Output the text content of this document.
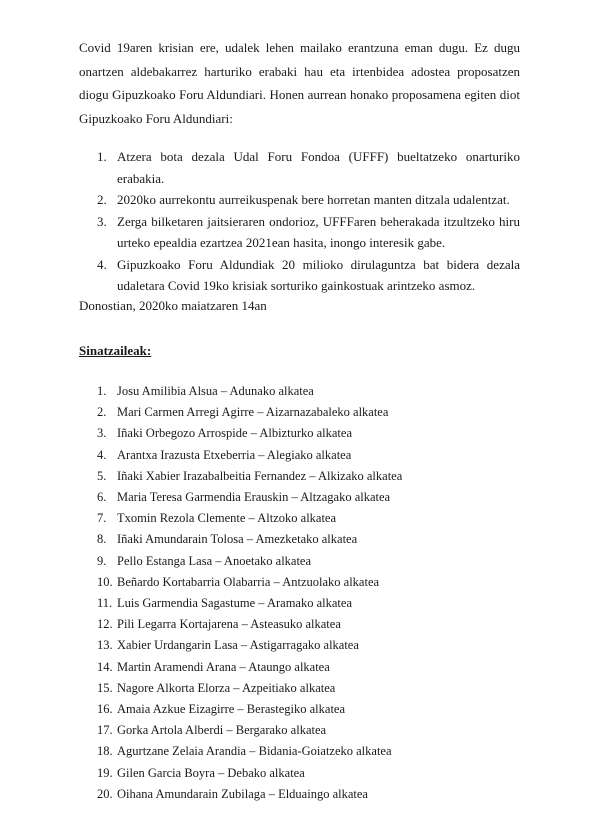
Covid 19aren krisian ere, udalek lehen mailako erantzuna eman dugu. Ez dugu onartzen aldebakarrez harturiko erabaki hau eta irtenbidea adostea proposatzen diogu Gipuzkoako Foru Aldundiari. Honen aurrean honako proposamena egiten diot Gipuzkoako Foru Aldundiari:

1. Atzera bota dezala Udal Foru Fondoa (UFFF) bueltatzeko onarturiko erabakia.
2. 2020ko aurrekontu aurreikuspenak bere horretan manten ditzala udalentzat.
3. Zerga bilketaren jaitsieraren ondorioz, UFFFaren beherakada itzultzeko hiru urteko epealdia ezartzea 2021ean hasita, inongo interesik gabe.
4. Gipuzkoako Foru Aldundiak 20 milioko dirulaguntza bat bidera dezala udaletara Covid 19ko krisiak sorturiko gainkostuak arintzeko asmoz.

Donostian, 2020ko maiatzaren 14an

Sinatzaileak:

1. Josu Amilibia Alsua – Adunako alkatea
2. Mari Carmen Arregi Agirre – Aizarnazabaleko alkatea
3. Iñaki Orbegozo Arrospide – Albizturko alkatea
4. Arantxa Irazusta Etxeberria – Alegiako alkatea
5. Iñaki Xabier Irazabalbeitia Fernandez – Alkizako alkatea
6. Maria Teresa Garmendia Erauskin – Altzagako alkatea
7. Txomin Rezola Clemente – Altzoko alkatea
8. Iñaki Amundarain Tolosa – Amezketako alkatea
9. Pello Estanga Lasa – Anoetako alkatea
10. Beñardo Kortabarria Olabarria – Antzuolako alkatea
11. Luis Garmendia Sagastume – Aramako alkatea
12. Pili Legarra Kortajarena – Asteasuko alkatea
13. Xabier Urdangarin Lasa – Astigarragako alkatea
14. Martin Aramendi Arana – Ataungo alkatea
15. Nagore Alkorta Elorza – Azpeitiako alkatea
16. Amaia Azkue Eizagirre – Berastegiko alkatea
17. Gorka Artola Alberdi – Bergarako alkatea
18. Agurtzane Zelaia Arandia – Bidania-Goiatzeko alkatea
19. Gilen Garcia Boyra – Debako alkatea
20. Oihana Amundarain Zubilaga – Elduaingo alkatea
